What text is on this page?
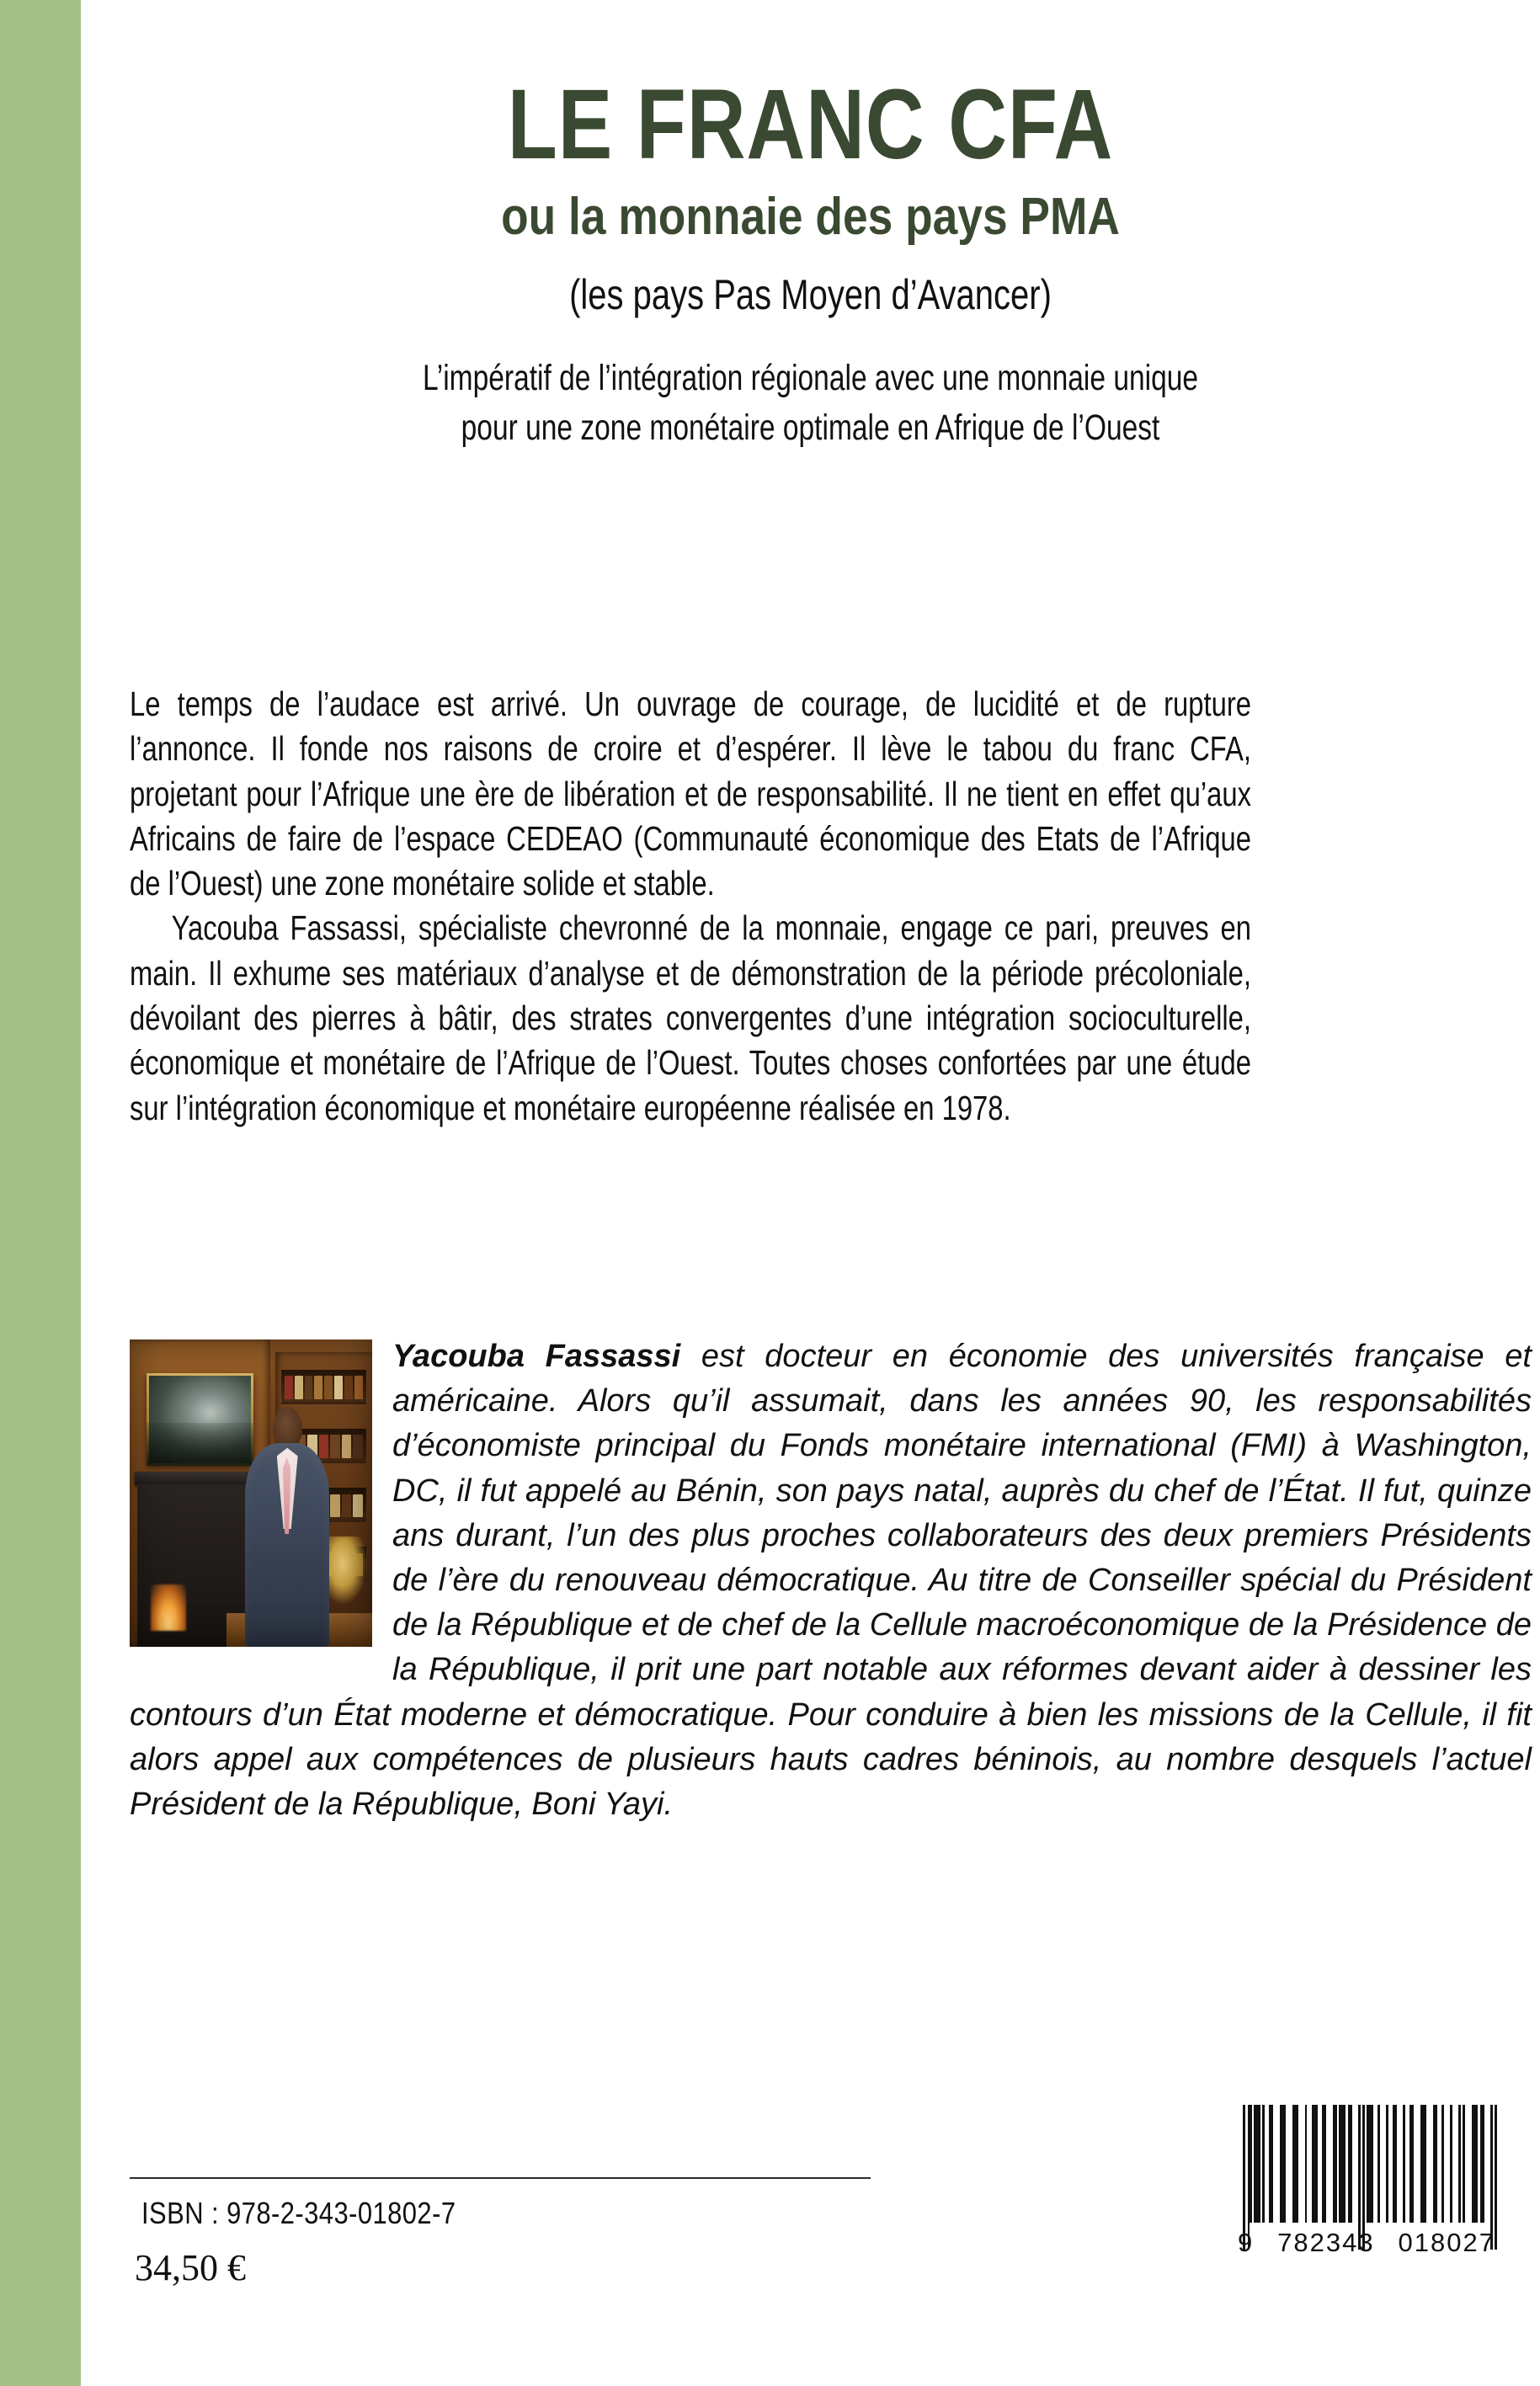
LE FRANC CFA
ou la monnaie des pays PMA
(les pays Pas Moyen d’Avancer)
L’impératif de l’intégration régionale avec une monnaie unique
pour une zone monétaire optimale en Afrique de l’Ouest

Le temps de l’audace est arrivé. Un ouvrage de courage, de lucidité et de rupture l’annonce. Il fonde nos raisons de croire et d’espérer. Il lève le tabou du franc CFA, projetant pour l’Afrique une ère de libération et de responsabilité. Il ne tient en effet qu’aux Africains de faire de l’espace CEDEAO (Communauté économique des Etats de l’Afrique de l’Ouest) une zone monétaire solide et stable.

Yacouba Fassassi, spécialiste chevronné de la monnaie, engage ce pari, preuves en main. Il exhume ses matériaux d’analyse et de démonstration de la période précoloniale, dévoilant des pierres à bâtir, des strates convergentes d’une intégration socioculturelle, économique et monétaire de l’Afrique de l’Ouest. Toutes choses confortées par une étude sur l’intégration économique et monétaire européenne réalisée en 1978.

Yacouba Fassassi est docteur en économie des universités française et américaine. Alors qu’il assumait, dans les années 90, les responsabilités d’économiste principal du Fonds monétaire international (FMI) à Washington, DC, il fut appelé au Bénin, son pays natal, auprès du chef de l’État. Il fut, quinze ans durant, l’un des plus proches collaborateurs des deux premiers Présidents de l’ère du renouveau démocratique. Au titre de Conseiller spécial du Président de la République et de chef de la Cellule macroéconomique de la Présidence de la République, il prit une part notable aux réformes devant aider à dessiner les contours d’un État moderne et démocratique. Pour conduire à bien les missions de la Cellule, il fit alors appel aux compétences de plusieurs hauts cadres béninois, au nombre desquels l’actuel Président de la République, Boni Yayi.
ISBN : 978-2-343-01802-7
34,50 €
9 782343 018027
